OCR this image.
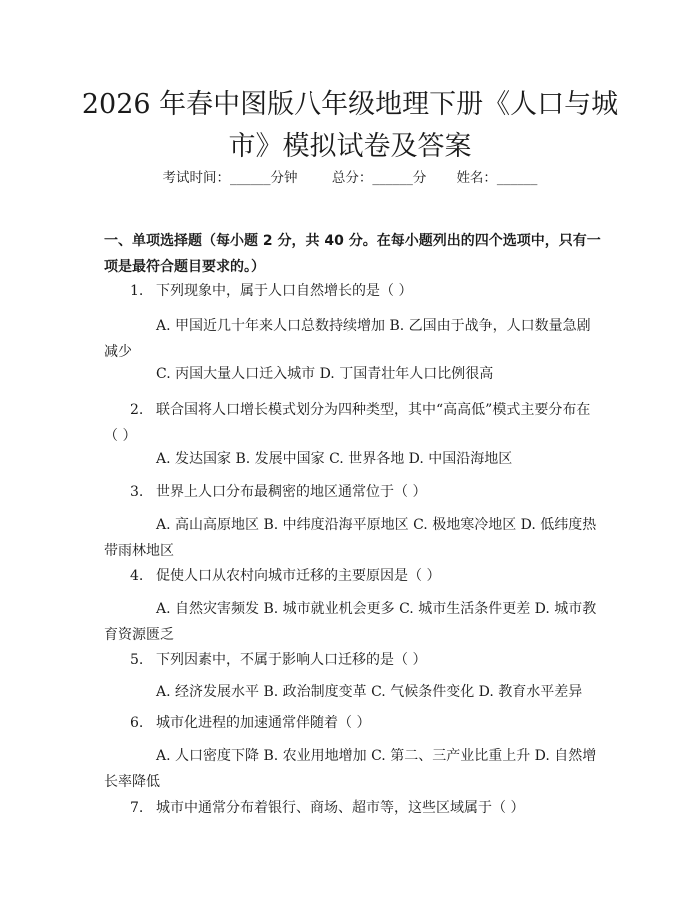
2026 年春中图版八年级地理下册《人口与城
市》模拟试卷及答案
考试时间：______分钟	总分：______分 姓名：______
一、单项选择题（每小题 2 分，共 40 分。在每小题列出的四个选项中，只有一项是最符合题目要求的。）
1. 下列现象中，属于人口自然增长的是（ ）
A. 甲国近几十年来人口总数持续增加 B. 乙国由于战争，人口数量急剧减少
C. 丙国大量人口迁入城市 D. 丁国青壮年人口比例很高
2. 联合国将人口增长模式划分为四种类型，其中“高高低”模式主要分布在（ ）
A. 发达国家 B. 发展中国家 C. 世界各地 D. 中国沿海地区
3. 世界上人口分布最稠密的地区通常位于（ ）
A. 高山高原地区 B. 中纬度沿海平原地区 C. 极地寒冷地区 D. 低纬度热带雨林地区
4. 促使人口从农村向城市迁移的主要原因是（ ）
A. 自然灾害频发 B. 城市就业机会更多 C. 城市生活条件更差 D. 城市教育资源匮乏
5. 下列因素中，不属于影响人口迁移的是（ ）
A. 经济发展水平 B. 政治制度变革 C. 气候条件变化 D. 教育水平差异
6. 城市化进程的加速通常伴随着（ ）
A. 人口密度下降 B. 农业用地增加 C. 第二、三产业比重上升 D. 自然增长率降低
7. 城市中通常分布着银行、商场、超市等，这些区域属于（ ）
